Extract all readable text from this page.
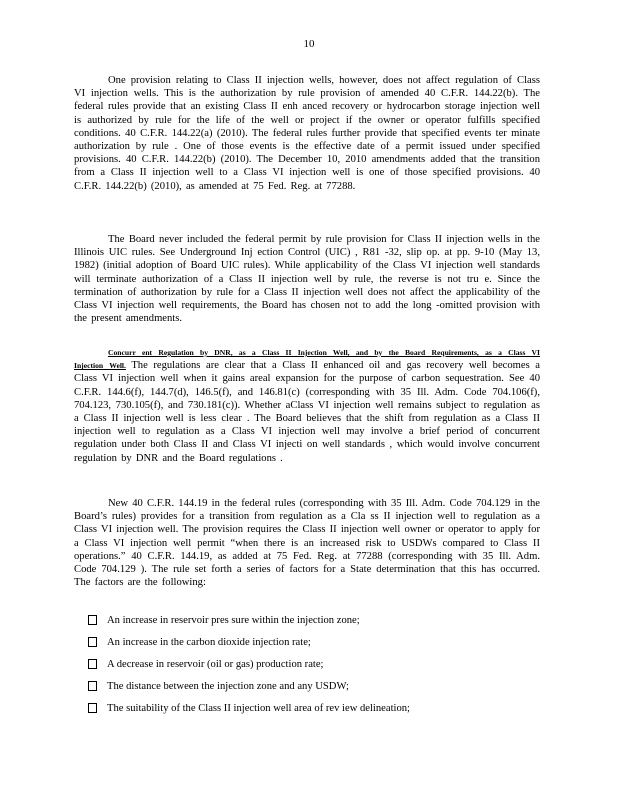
10

One provision relating to Class II injection wells, however, does not affect regulation of Class VI injection wells. This is the authorization by rule provision of amended 40 C.F.R. 144.22(b). The federal rules provide that an existing Class II enh anced recovery or hydrocarbon storage injection well is authorized by rule for the life of the well or project if the owner or operator fulfills specified conditions. 40 C.F.R. 144.22(a) (2010). The federal rules further provide that specified events ter minate authorization by rule . One of those events is the effective date of a permit issued under specified provisions. 40 C.F.R. 144.22(b) (2010). The December 10, 2010 amendments added that the transition from a Class II injection well to a Class VI injection well is one of those specified provisions. 40 C.F.R. 144.22(b) (2010), as amended at 75 Fed. Reg. at 77288.

The Board never included the federal permit by rule provision for Class II injection wells in the Illinois UIC rules. See Underground Inj ection Control (UIC) , R81 -32, slip op. at pp. 9-10 (May 13, 1982) (initial adoption of Board UIC rules). While applicability of the Class VI injection well standards will terminate authorization of a Class II injection well by rule, the reverse is not tru e. Since the termination of authorization by rule for a Class II injection well does not affect the applicability of the Class VI injection well requirements, the Board has chosen not to add the long -omitted provision with the present amendments.

Concurr ent Regulation by DNR, as a Class II Injection Well, and by the Board Requirements, as a Class VI Injection Well. The regulations are clear that a Class II enhanced oil and gas recovery well becomes a Class VI injection well when it gains areal expansion for the purpose of carbon sequestration. See 40 C.F.R. 144.6(f), 144.7(d), 146.5(f), and 146.81(c) (corresponding with 35 Ill. Adm. Code 704.106(f), 704.123, 730.105(f), and 730.181(c)). Whether aClass VI injection well remains subject to regulation as a Class II injection well is less clear . The Board believes that the shift from regulation as a Class II injection well to regulation as a Class VI injection well may involve a brief period of concurrent regulation under both Class II and Class VI injecti on well standards , which would involve concurrent regulation by DNR and the Board regulations .

New 40 C.F.R. 144.19 in the federal rules (corresponding with 35 Ill. Adm. Code 704.129 in the Board’s rules) provides for a transition from regulation as a Cla ss II injection well to regulation as a Class VI injection well. The provision requires the Class II injection well owner or operator to apply for a Class VI injection well permit “when there is an increased risk to USDWs compared to Class II operations.” 40 C.F.R. 144.19, as added at 75 Fed. Reg. at 77288 (corresponding with 35 Ill. Adm. Code 704.129 ). The rule set forth a series of factors for a State determination that this has occurred. The factors are the following:

An increase in reservoir pres sure within the injection zone;
An increase in the carbon dioxide injection rate;
A decrease in reservoir (oil or gas) production rate;
The distance between the injection zone and any USDW;
The suitability of the Class II injection well area of rev iew delineation;
